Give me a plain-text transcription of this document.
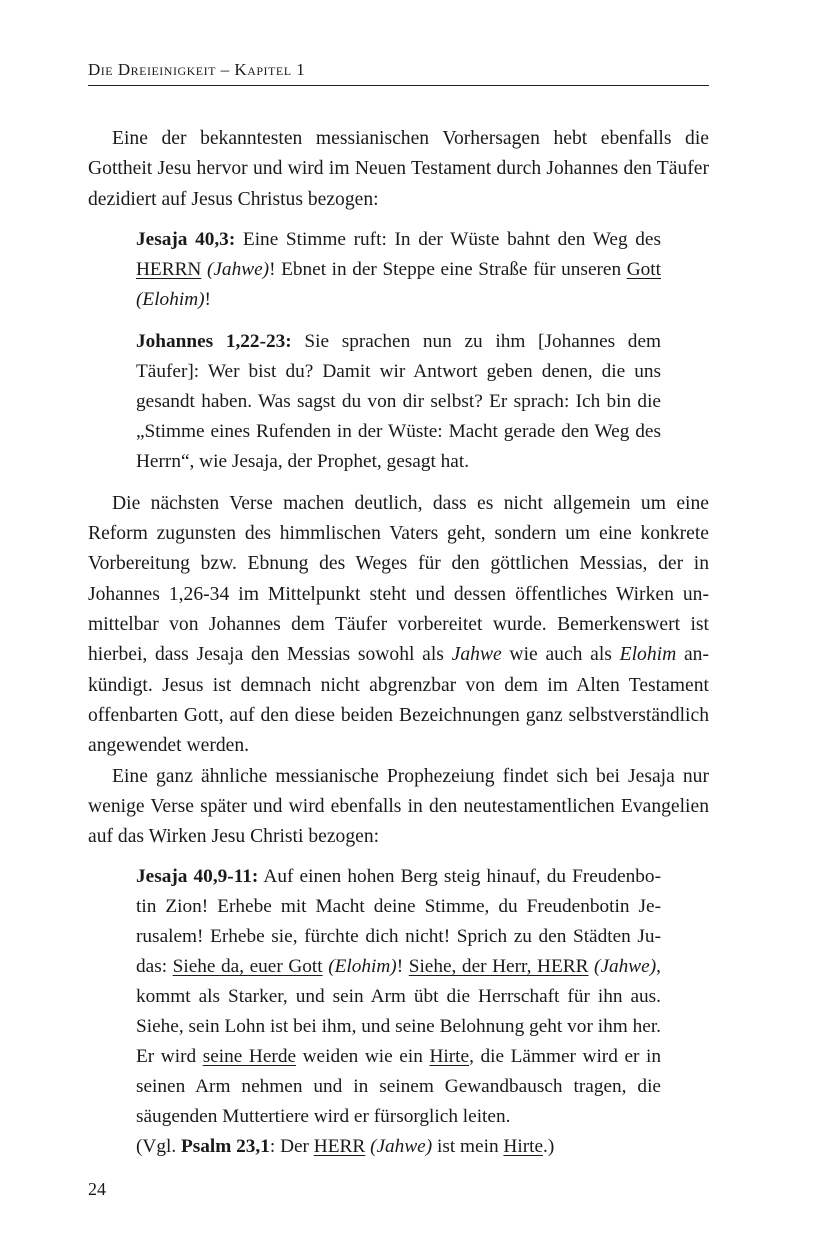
Die Dreieinigkeit – Kapitel 1

Eine der bekanntesten messianischen Vorhersagen hebt ebenfalls die Gottheit Jesu hervor und wird im Neuen Testament durch Johannes den Täufer dezidiert auf Jesus Christus bezogen:

Jesaja 40,3: Eine Stimme ruft: In der Wüste bahnt den Weg des HERRN (Jahwe)! Ebnet in der Steppe eine Straße für unseren Gott (Elohim)!

Johannes 1,22-23: Sie sprachen nun zu ihm [Johannes dem Täufer]: Wer bist du? Damit wir Antwort geben denen, die uns gesandt haben. Was sagst du von dir selbst? Er sprach: Ich bin die „Stimme eines Rufenden in der Wüste: Macht gerade den Weg des Herrn“, wie Jesaja, der Prophet, gesagt hat.

Die nächsten Verse machen deutlich, dass es nicht allgemein um eine Reform zugunsten des himmlischen Vaters geht, sondern um eine konkrete Vorbereitung bzw. Ebnung des Weges für den göttlichen Messias, der in Johannes 1,26-34 im Mittelpunkt steht und dessen öffentliches Wirken unmittelbar von Johannes dem Täufer vorbereitet wurde. Bemerkenswert ist hierbei, dass Jesaja den Messias sowohl als Jahwe wie auch als Elohim ankündigt. Jesus ist demnach nicht abgrenzbar von dem im Alten Testament offenbarten Gott, auf den diese beiden Bezeichnungen ganz selbstverständlich angewendet werden.

Eine ganz ähnliche messianische Prophezeiung findet sich bei Jesaja nur wenige Verse später und wird ebenfalls in den neutestamentlichen Evangelien auf das Wirken Jesu Christi bezogen:

Jesaja 40,9-11: Auf einen hohen Berg steig hinauf, du Freudenbotin Zion! Erhebe mit Macht deine Stimme, du Freudenbotin Jerusalem! Erhebe sie, fürchte dich nicht! Sprich zu den Städten Judas: Siehe da, euer Gott (Elohim)! Siehe, der Herr, HERR (Jahwe), kommt als Starker, und sein Arm übt die Herrschaft für ihn aus. Siehe, sein Lohn ist bei ihm, und seine Belohnung geht vor ihm her. Er wird seine Herde weiden wie ein Hirte, die Lämmer wird er in seinen Arm nehmen und in seinem Gewandbausch tragen, die säugenden Muttertiere wird er fürsorglich leiten.
(Vgl. Psalm 23,1: Der HERR (Jahwe) ist mein Hirte.)

24
